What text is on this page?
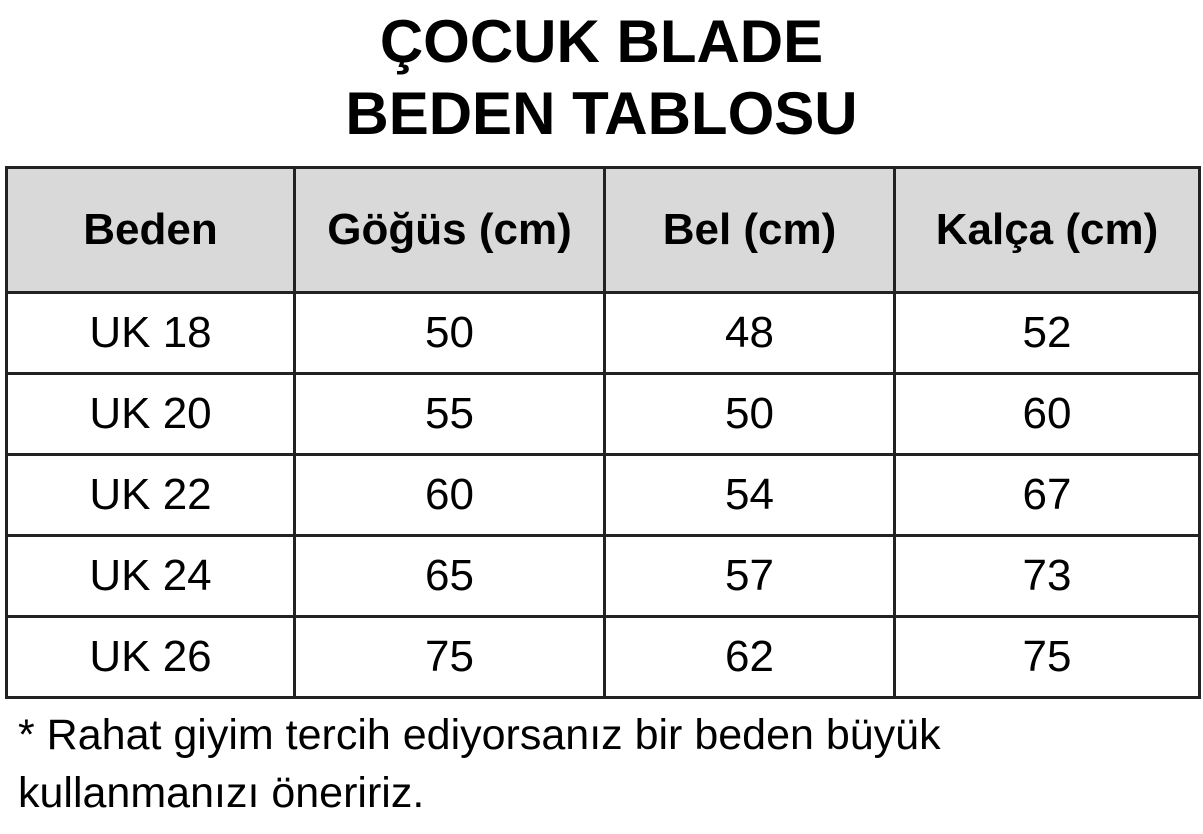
ÇOCUK BLADE
BEDEN TABLOSU
Beden	Göğüs (cm)	Bel (cm)	Kalça (cm)
UK 18	50	48	52
UK 20	55	50	60
UK 22	60	54	67
UK 24	65	57	73
UK 26	75	62	75
* Rahat giyim tercih ediyorsanız bir beden büyük
kullanmanızı öneririz.
